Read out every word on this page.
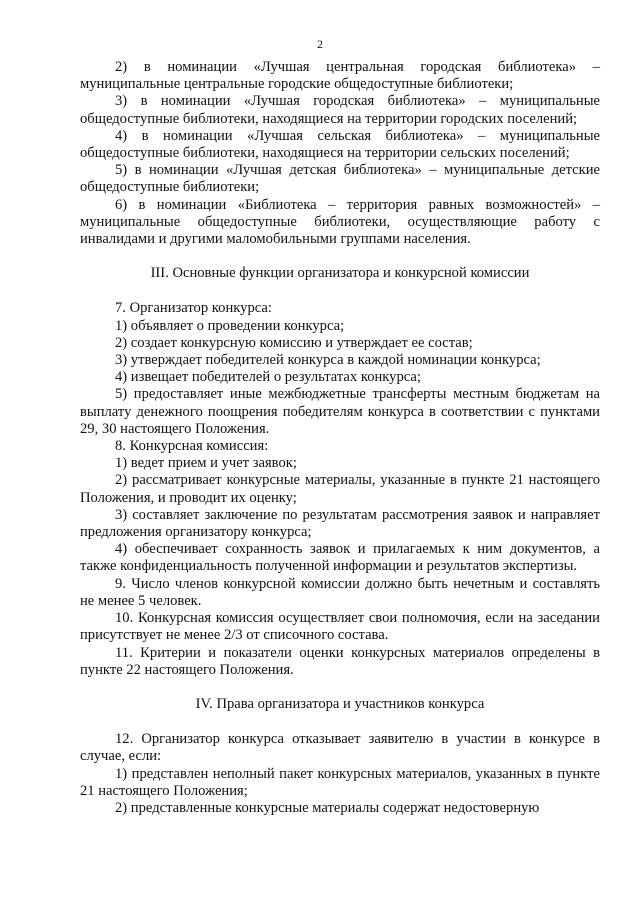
2

2) в номинации «Лучшая центральная городская библиотека» – муниципальные центральные городские общедоступные библиотеки;

3) в номинации «Лучшая городская библиотека» – муниципальные общедоступные библиотеки, находящиеся на территории городских поселений;

4) в номинации «Лучшая сельская библиотека» – муниципальные общедоступные библиотеки, находящиеся на территории сельских поселений;

5) в номинации «Лучшая детская библиотека» – муниципальные детские общедоступные библиотеки;

6) в номинации «Библиотека – территория равных возможностей» – муниципальные общедоступные библиотеки, осуществляющие работу с инвалидами и другими маломобильными группами населения.

III. Основные функции организатора и конкурсной комиссии

7. Организатор конкурса:

1) объявляет о проведении конкурса;

2) создает конкурсную комиссию и утверждает ее состав;

3) утверждает победителей конкурса в каждой номинации конкурса;

4) извещает победителей о результатах конкурса;

5) предоставляет иные межбюджетные трансферты местным бюджетам на выплату денежного поощрения победителям конкурса в соответствии с пунктами 29, 30 настоящего Положения.

8. Конкурсная комиссия:

1) ведет прием и учет заявок;

2) рассматривает конкурсные материалы, указанные в пункте 21 настоящего Положения, и проводит их оценку;

3) составляет заключение по результатам рассмотрения заявок и направляет предложения организатору конкурса;

4) обеспечивает сохранность заявок и прилагаемых к ним документов, а также конфиденциальность полученной информации и результатов экспертизы.

9. Число членов конкурсной комиссии должно быть нечетным и составлять не менее 5 человек.

10. Конкурсная комиссия осуществляет свои полномочия, если на заседании присутствует не менее 2/3 от списочного состава.

11. Критерии и показатели оценки конкурсных материалов определены в пункте 22 настоящего Положения.

IV. Права организатора и участников конкурса

12. Организатор конкурса отказывает заявителю в участии в конкурсе в случае, если:

1) представлен неполный пакет конкурсных материалов, указанных в пункте 21 настоящего Положения;

2) представленные конкурсные материалы содержат недостоверную
